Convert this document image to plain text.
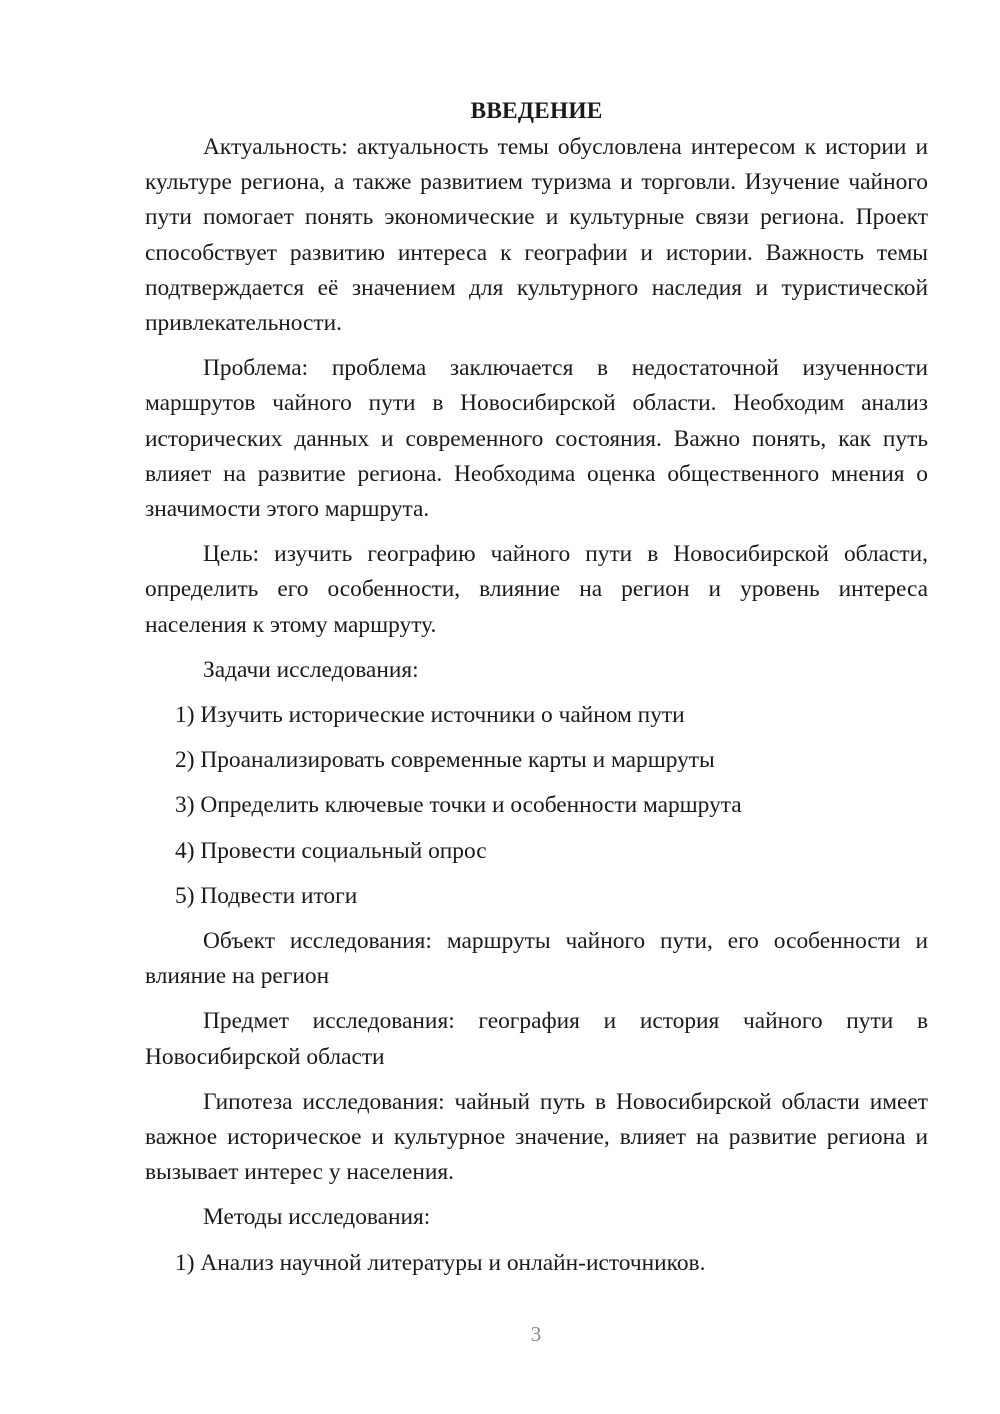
ВВЕДЕНИЕ

Актуальность: актуальность темы обусловлена интересом к истории и культуре региона, а также развитием туризма и торговли. Изучение чайного пути помогает понять экономические и культурные связи региона. Проект способствует развитию интереса к географии и истории. Важность темы подтверждается её значением для культурного наследия и туристической привлекательности.

Проблема: проблема заключается в недостаточной изученности маршрутов чайного пути в Новосибирской области. Необходим анализ исторических данных и современного состояния. Важно понять, как путь влияет на развитие региона. Необходима оценка общественного мнения о значимости этого маршрута.

Цель: изучить географию чайного пути в Новосибирской области, определить его особенности, влияние на регион и уровень интереса населения к этому маршруту.

Задачи исследования:

1) Изучить исторические источники о чайном пути
2) Проанализировать современные карты и маршруты
3) Определить ключевые точки и особенности маршрута
4) Провести социальный опрос
5) Подвести итоги

Объект исследования: маршруты чайного пути, его особенности и влияние на регион

Предмет исследования: география и история чайного пути в Новосибирской области

Гипотеза исследования: чайный путь в Новосибирской области имеет важное историческое и культурное значение, влияет на развитие региона и вызывает интерес у населения.

Методы исследования:

1) Анализ научной литературы и онлайн-источников.
3
